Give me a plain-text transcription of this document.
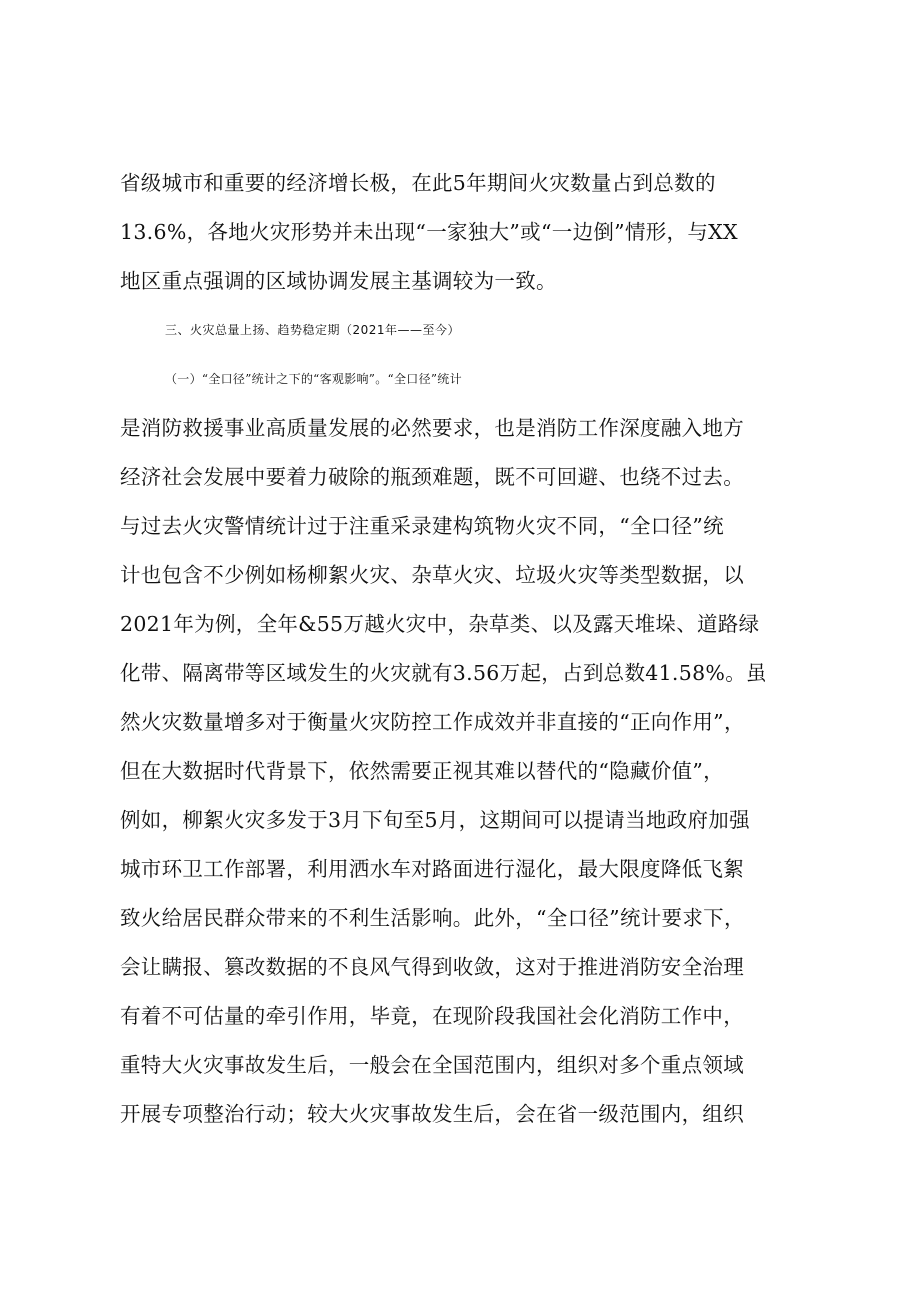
省级城市和重要的经济增长极，在此5年期间火灾数量占到总数的
13.6%，各地火灾形势并未出现“一家独大”或“一边倒”情形，与XX
地区重点强调的区域协调发展主基调较为一致。
三、火灾总量上扬、趋势稳定期（2021年——至今）
（一）“全口径”统计之下的“客观影响”。“全口径”统计
是消防救援事业高质量发展的必然要求，也是消防工作深度融入地方
经济社会发展中要着力破除的瓶颈难题，既不可回避、也绕不过去。
与过去火灾警情统计过于注重采录建构筑物火灾不同，“全口径”统
计也包含不少例如杨柳絮火灾、杂草火灾、垃圾火灾等类型数据，以
2021年为例，全年&55万越火灾中，杂草类、以及露天堆垛、道路绿
化带、隔离带等区域发生的火灾就有3.56万起，占到总数41.58%。虽
然火灾数量增多对于衡量火灾防控工作成效并非直接的“正向作用”，
但在大数据时代背景下，依然需要正视其难以替代的“隐藏价值”，
例如，柳絮火灾多发于3月下旬至5月，这期间可以提请当地政府加强
城市环卫工作部署，利用洒水车对路面进行湿化，最大限度降低飞絮
致火给居民群众带来的不利生活影响。此外，“全口径”统计要求下，
会让瞒报、篡改数据的不良风气得到收敛，这对于推进消防安全治理
有着不可估量的牵引作用，毕竟，在现阶段我国社会化消防工作中，
重特大火灾事故发生后，一般会在全国范围内，组织对多个重点领域
开展专项整治行动；较大火灾事故发生后，会在省一级范围内，组织
